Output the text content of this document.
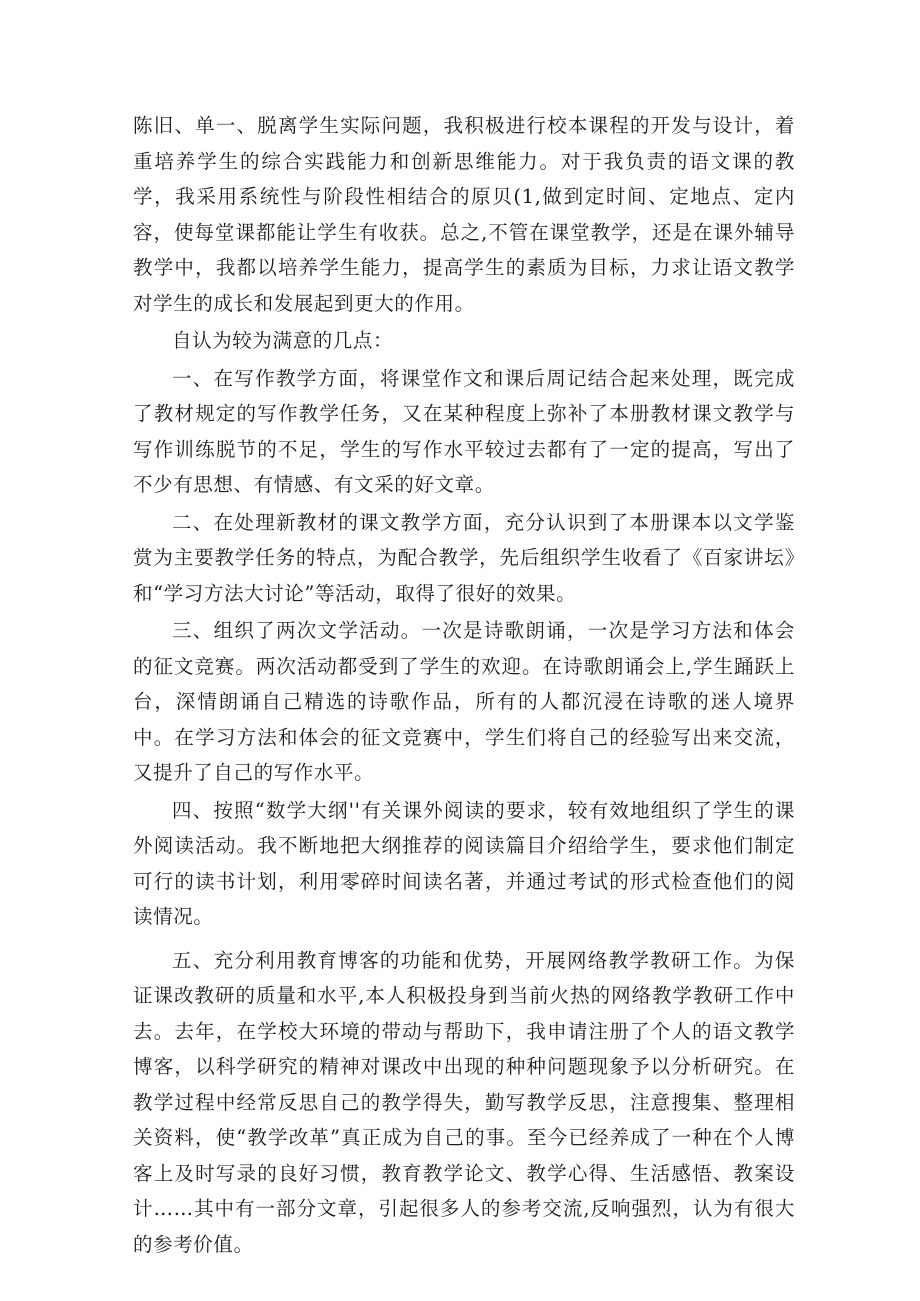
陈旧、单一、脱离学生实际问题，我积极进行校本课程的开发与设计，着重培养学生的综合实践能力和创新思维能力。对于我负责的语文课的教学，我采用系统性与阶段性相结合的原贝(1,做到定时间、定地点、定内容，使每堂课都能让学生有收获。总之,不管在课堂教学，还是在课外辅导教学中，我都以培养学生能力，提高学生的素质为目标，力求让语文教学对学生的成长和发展起到更大的作用。

自认为较为满意的几点：

一、在写作教学方面，将课堂作文和课后周记结合起来处理，既完成了教材规定的写作教学任务，又在某种程度上弥补了本册教材课文教学与写作训练脱节的不足，学生的写作水平较过去都有了一定的提高，写出了不少有思想、有情感、有文采的好文章。

二、在处理新教材的课文教学方面，充分认识到了本册课本以文学鉴赏为主要教学任务的特点，为配合教学，先后组织学生收看了《百家讲坛》和“学习方法大讨论”等活动，取得了很好的效果。

三、组织了两次文学活动。一次是诗歌朗诵，一次是学习方法和体会的征文竞赛。两次活动都受到了学生的欢迎。在诗歌朗诵会上,学生踊跃上台，深情朗诵自己精选的诗歌作品，所有的人都沉浸在诗歌的迷人境界中。在学习方法和体会的征文竞赛中，学生们将自己的经验写出来交流，又提升了自己的写作水平。

四、按照“数学大纲''有关课外阅读的要求，较有效地组织了学生的课外阅读活动。我不断地把大纲推荐的阅读篇目介绍给学生，要求他们制定可行的读书计划，利用零碎时间读名著，并通过考试的形式检查他们的阅读情况。

五、充分利用教育博客的功能和优势，开展网络教学教研工作。为保证课改教研的质量和水平,本人积极投身到当前火热的网络教学教研工作中去。去年，在学校大环境的带动与帮助下，我申请注册了个人的语文教学博客，以科学研究的精神对课改中出现的种种问题现象予以分析研究。在教学过程中经常反思自己的教学得失，勤写教学反思，注意搜集、整理相关资料，使“教学改革”真正成为自己的事。至今已经养成了一种在个人博客上及时写录的良好习惯，教育教学论文、教学心得、生活感悟、教案设计……其中有一部分文章，引起很多人的参考交流,反响强烈，认为有很大的参考价值。
